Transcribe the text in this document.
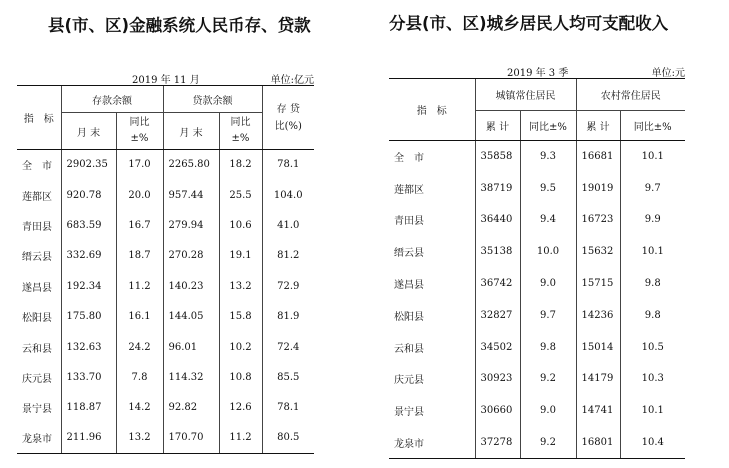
县(市、区)金融系统人民币存、贷款
2019 年 11 月	单位:亿元
指　标	存款余额		贷款余额		存 贷
比(%)
	月 末	同比
±%	月 末	同比
±%	
全　市	2902.35	17.0	2265.80	18.2	78.1
莲都区	920.78	20.0	957.44	25.5	104.0
青田县	683.59	16.7	279.94	10.6	41.0
缙云县	332.69	18.7	270.28	19.1	81.2
遂昌县	192.34	11.2	140.23	13.2	72.9
松阳县	175.80	16.1	144.05	15.8	81.9
云和县	132.63	24.2	96.01	10.2	72.4
庆元县	133.70	7.8	114.32	10.8	85.5
景宁县	118.87	14.2	92.82	12.6	78.1
龙泉市	211.96	13.2	170.70	11.2	80.5
分县(市、区)城乡居民人均可支配收入
2019 年 3 季	单位:元
指　标	城镇常住居民		农村常住居民	
	累 计	同比±%	累 计	同比±%
全　市	35858	9.3	16681	10.1
莲都区	38719	9.5	19019	9.7
青田县	36440	9.4	16723	9.9
缙云县	35138	10.0	15632	10.1
遂昌县	36742	9.0	15715	9.8
松阳县	32827	9.7	14236	9.8
云和县	34502	9.8	15014	10.5
庆元县	30923	9.2	14179	10.3
景宁县	30660	9.0	14741	10.1
龙泉市	37278	9.2	16801	10.4
